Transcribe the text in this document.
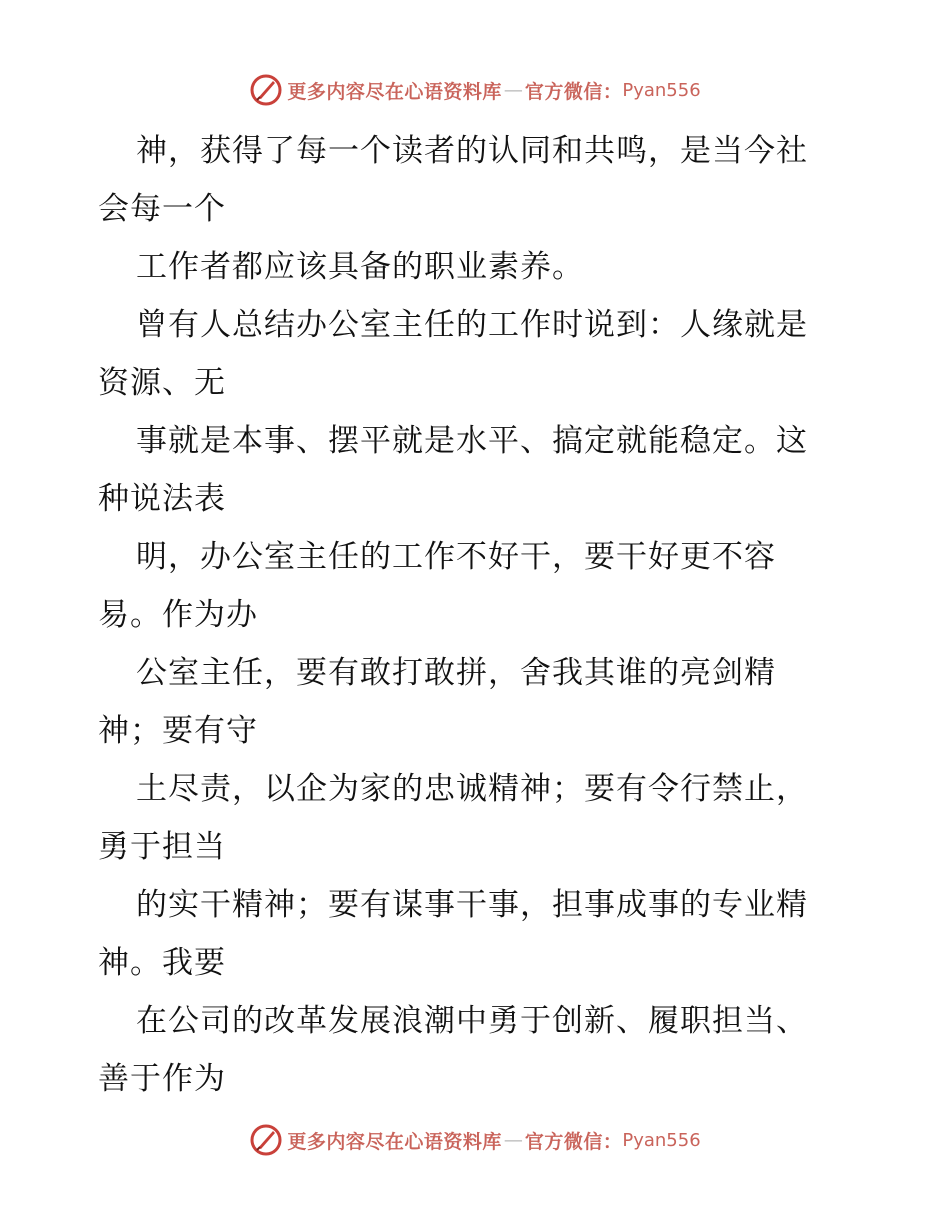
更多内容尽在心语资料库 — 官方微信： Pyan556
神，获得了每一个读者的认同和共鸣，是当今社
会每一个
工作者都应该具备的职业素养。
曾有人总结办公室主任的工作时说到：人缘就是
资源、无
事就是本事、摆平就是水平、搞定就能稳定。这
种说法表
明，办公室主任的工作不好干，要干好更不容
易。作为办
公室主任，要有敢打敢拼，舍我其谁的亮剑精
神；要有守
土尽责，以企为家的忠诚精神；要有令行禁止，
勇于担当
的实干精神；要有谋事干事，担事成事的专业精
神。我要
在公司的改革发展浪潮中勇于创新、履职担当、
善于作为
更多内容尽在心语资料库 — 官方微信： Pyan556
